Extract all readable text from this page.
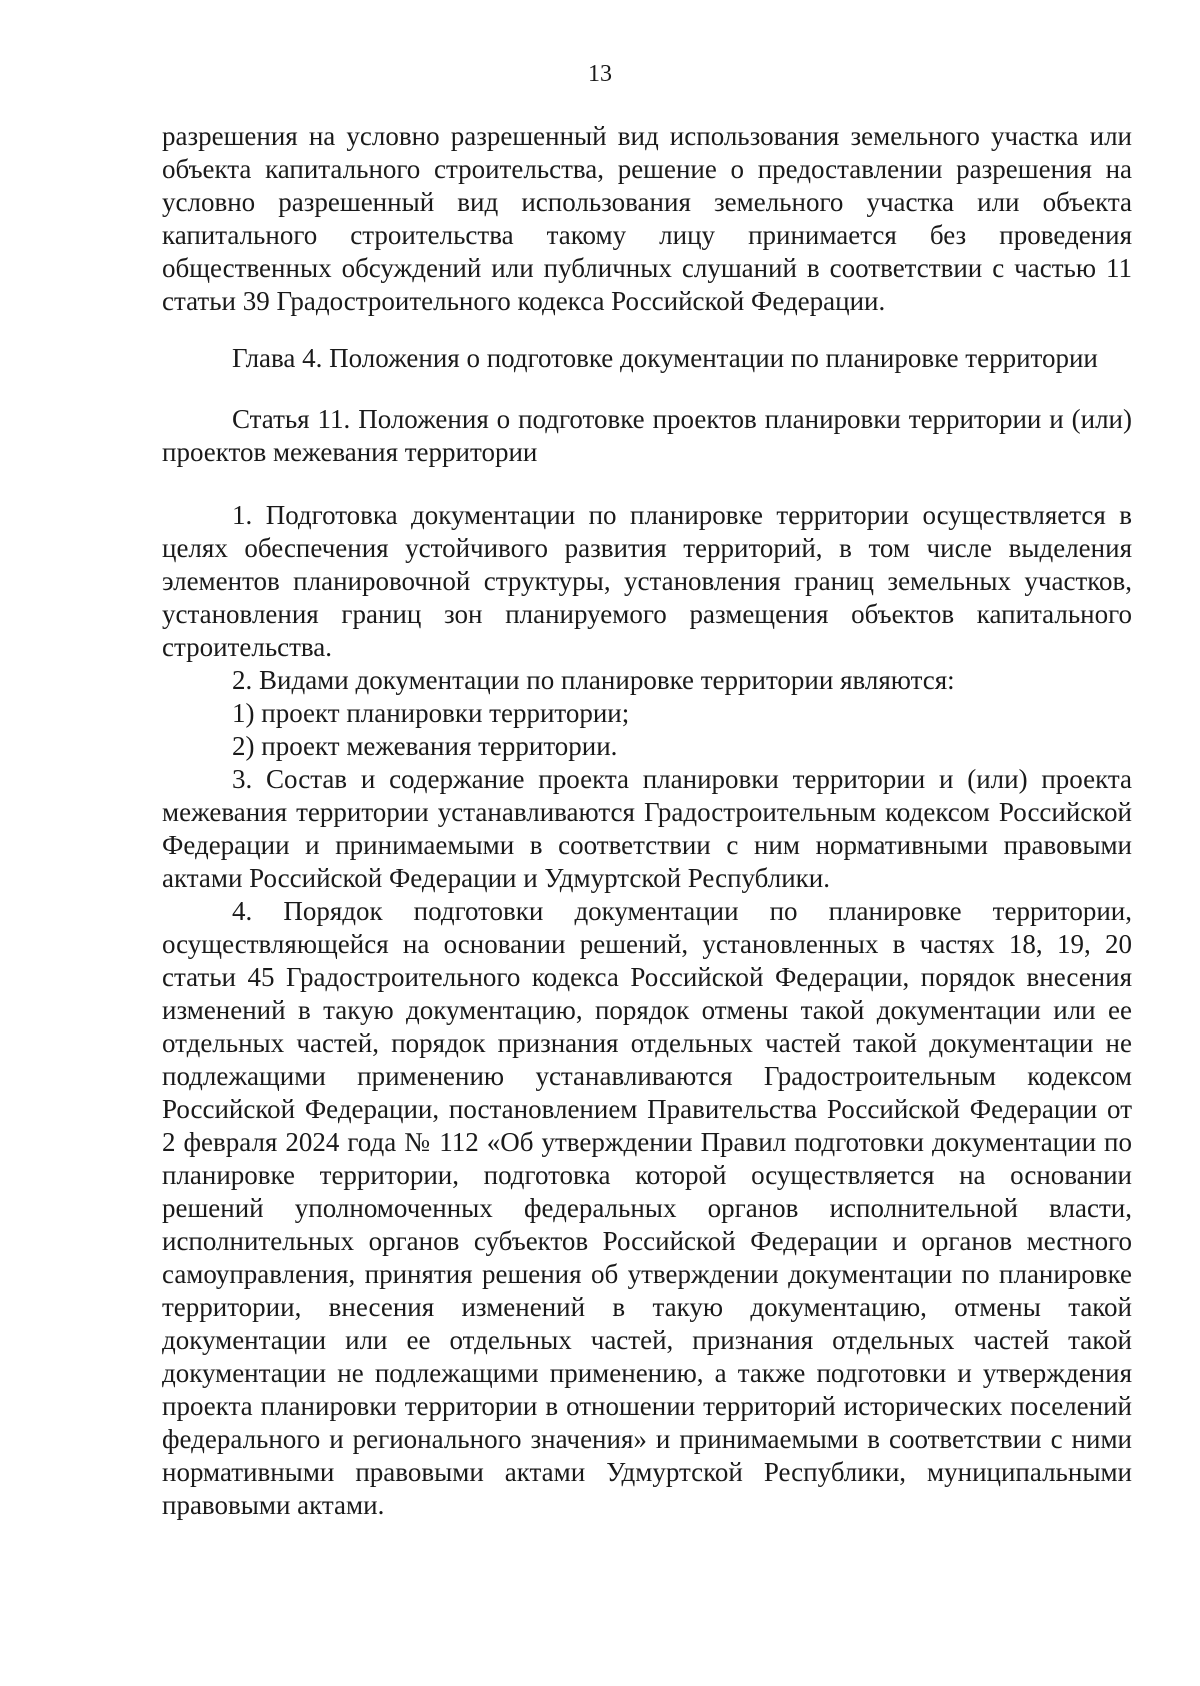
13

разрешения на условно разрешенный вид использования земельного участка или объекта капитального строительства, решение о предоставлении разрешения на условно разрешенный вид использования земельного участка или объекта капитального строительства такому лицу принимается без проведения общественных обсуждений или публичных слушаний в соответствии с частью 11 статьи 39 Градостроительного кодекса Российской Федерации.

Глава 4. Положения о подготовке документации по планировке территории

Статья 11. Положения о подготовке проектов планировки территории и (или) проектов межевания территории

1. Подготовка документации по планировке территории осуществляется в целях обеспечения устойчивого развития территорий, в том числе выделения элементов планировочной структуры, установления границ земельных участков, установления границ зон планируемого размещения объектов капитального строительства.

2. Видами документации по планировке территории являются:

1) проект планировки территории;

2) проект межевания территории.

3. Состав и содержание проекта планировки территории и (или) проекта межевания территории устанавливаются Градостроительным кодексом Российской Федерации и принимаемыми в соответствии с ним нормативными правовыми актами Российской Федерации и Удмуртской Республики.

4. Порядок подготовки документации по планировке территории, осуществляющейся на основании решений, установленных в частях 18, 19, 20 статьи 45 Градостроительного кодекса Российской Федерации, порядок внесения изменений в такую документацию, порядок отмены такой документации или ее отдельных частей, порядок признания отдельных частей такой документации не подлежащими применению устанавливаются Градостроительным кодексом Российской Федерации, постановлением Правительства Российской Федерации от 2 февраля 2024 года № 112 «Об утверждении Правил подготовки документации по планировке территории, подготовка которой осуществляется на основании решений уполномоченных федеральных органов исполнительной власти, исполнительных органов субъектов Российской Федерации и органов местного самоуправления, принятия решения об утверждении документации по планировке территории, внесения изменений в такую документацию, отмены такой документации или ее отдельных частей, признания отдельных частей такой документации не подлежащими применению, а также подготовки и утверждения проекта планировки территории в отношении территорий исторических поселений федерального и регионального значения» и принимаемыми в соответствии с ними нормативными правовыми актами Удмуртской Республики, муниципальными правовыми актами.
